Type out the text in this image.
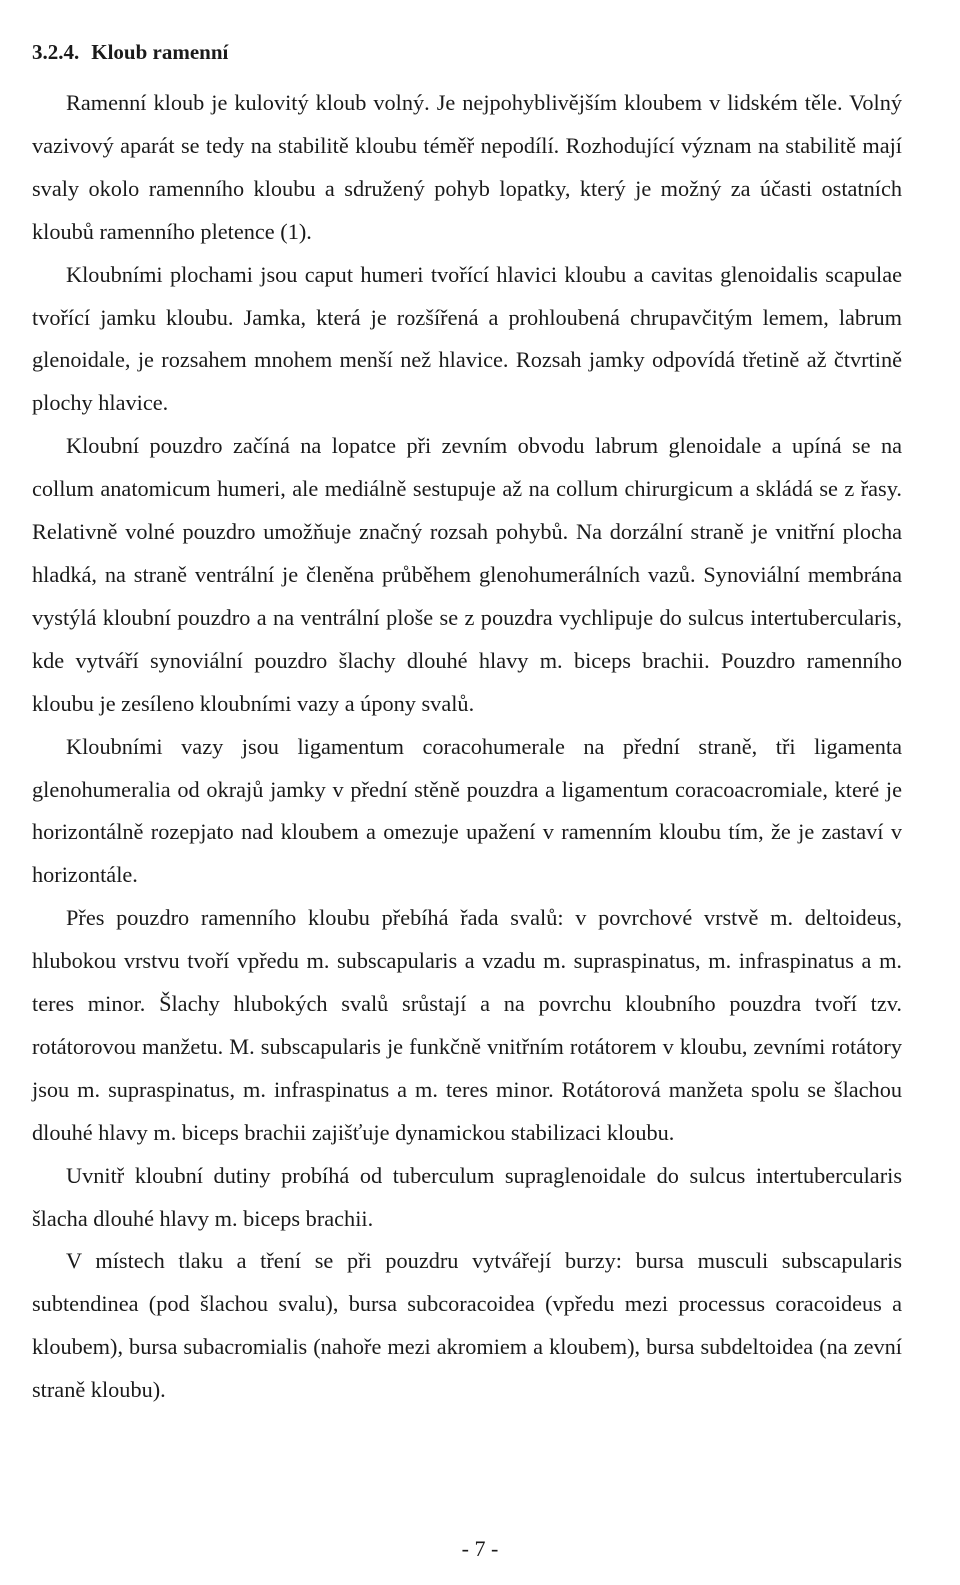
3.2.4. Kloub ramenní

Ramenní kloub je kulovitý kloub volný. Je nejpohyblivějším kloubem v lidském těle. Volný vazivový aparát se tedy na stabilitě kloubu téměř nepodílí. Rozhodující význam na stabilitě mají svaly okolo ramenního kloubu a sdružený pohyb lopatky, který je možný za účasti ostatních kloubů ramenního pletence (1).

Kloubními plochami jsou caput humeri tvořící hlavici kloubu a cavitas glenoidalis scapulae tvořící jamku kloubu. Jamka, která je rozšířená a prohloubená chrupavčitým lemem, labrum glenoidale, je rozsahem mnohem menší než hlavice. Rozsah jamky odpovídá třetině až čtvrtině plochy hlavice.

Kloubní pouzdro začíná na lopatce při zevním obvodu labrum glenoidale a upíná se na collum anatomicum humeri, ale mediálně sestupuje až na collum chirurgicum a skládá se z řasy. Relativně volné pouzdro umožňuje značný rozsah pohybů. Na dorzální straně je vnitřní plocha hladká, na straně ventrální je členěna průběhem glenohumerálních vazů. Synoviální membrána vystýlá kloubní pouzdro a na ventrální ploše se z pouzdra vychlipuje do sulcus intertubercularis, kde vytváří synoviální pouzdro šlachy dlouhé hlavy m. biceps brachii. Pouzdro ramenního kloubu je zesíleno kloubními vazy a úpony svalů.

Kloubními vazy jsou ligamentum coracohumerale na přední straně, tři ligamenta glenohumeralia od okrajů jamky v přední stěně pouzdra a ligamentum coracoacromiale, které je horizontálně rozepjato nad kloubem a omezuje upažení v ramenním kloubu tím, že je zastaví v horizontále.

Přes pouzdro ramenního kloubu přebíhá řada svalů: v povrchové vrstvě m. deltoideus, hlubokou vrstvu tvoří vpředu m. subscapularis a vzadu m. supraspinatus, m. infraspinatus a m. teres minor. Šlachy hlubokých svalů srůstají a na povrchu kloubního pouzdra tvoří tzv. rotátorovou manžetu. M. subscapularis je funkčně vnitřním rotátorem v kloubu, zevními rotátory jsou m. supraspinatus, m. infraspinatus a m. teres minor. Rotátorová manžeta spolu se šlachou dlouhé hlavy m. biceps brachii zajišťuje dynamickou stabilizaci kloubu.

Uvnitř kloubní dutiny probíhá od tuberculum supraglenoidale do sulcus intertubercularis šlacha dlouhé hlavy m. biceps brachii.

V místech tlaku a tření se při pouzdru vytvářejí burzy: bursa musculi subscapularis subtendinea (pod šlachou svalu), bursa subcoracoidea (vpředu mezi processus coracoideus a kloubem), bursa subacromialis (nahoře mezi akromiem a kloubem), bursa subdeltoidea (na zevní straně kloubu).

- 7 -
